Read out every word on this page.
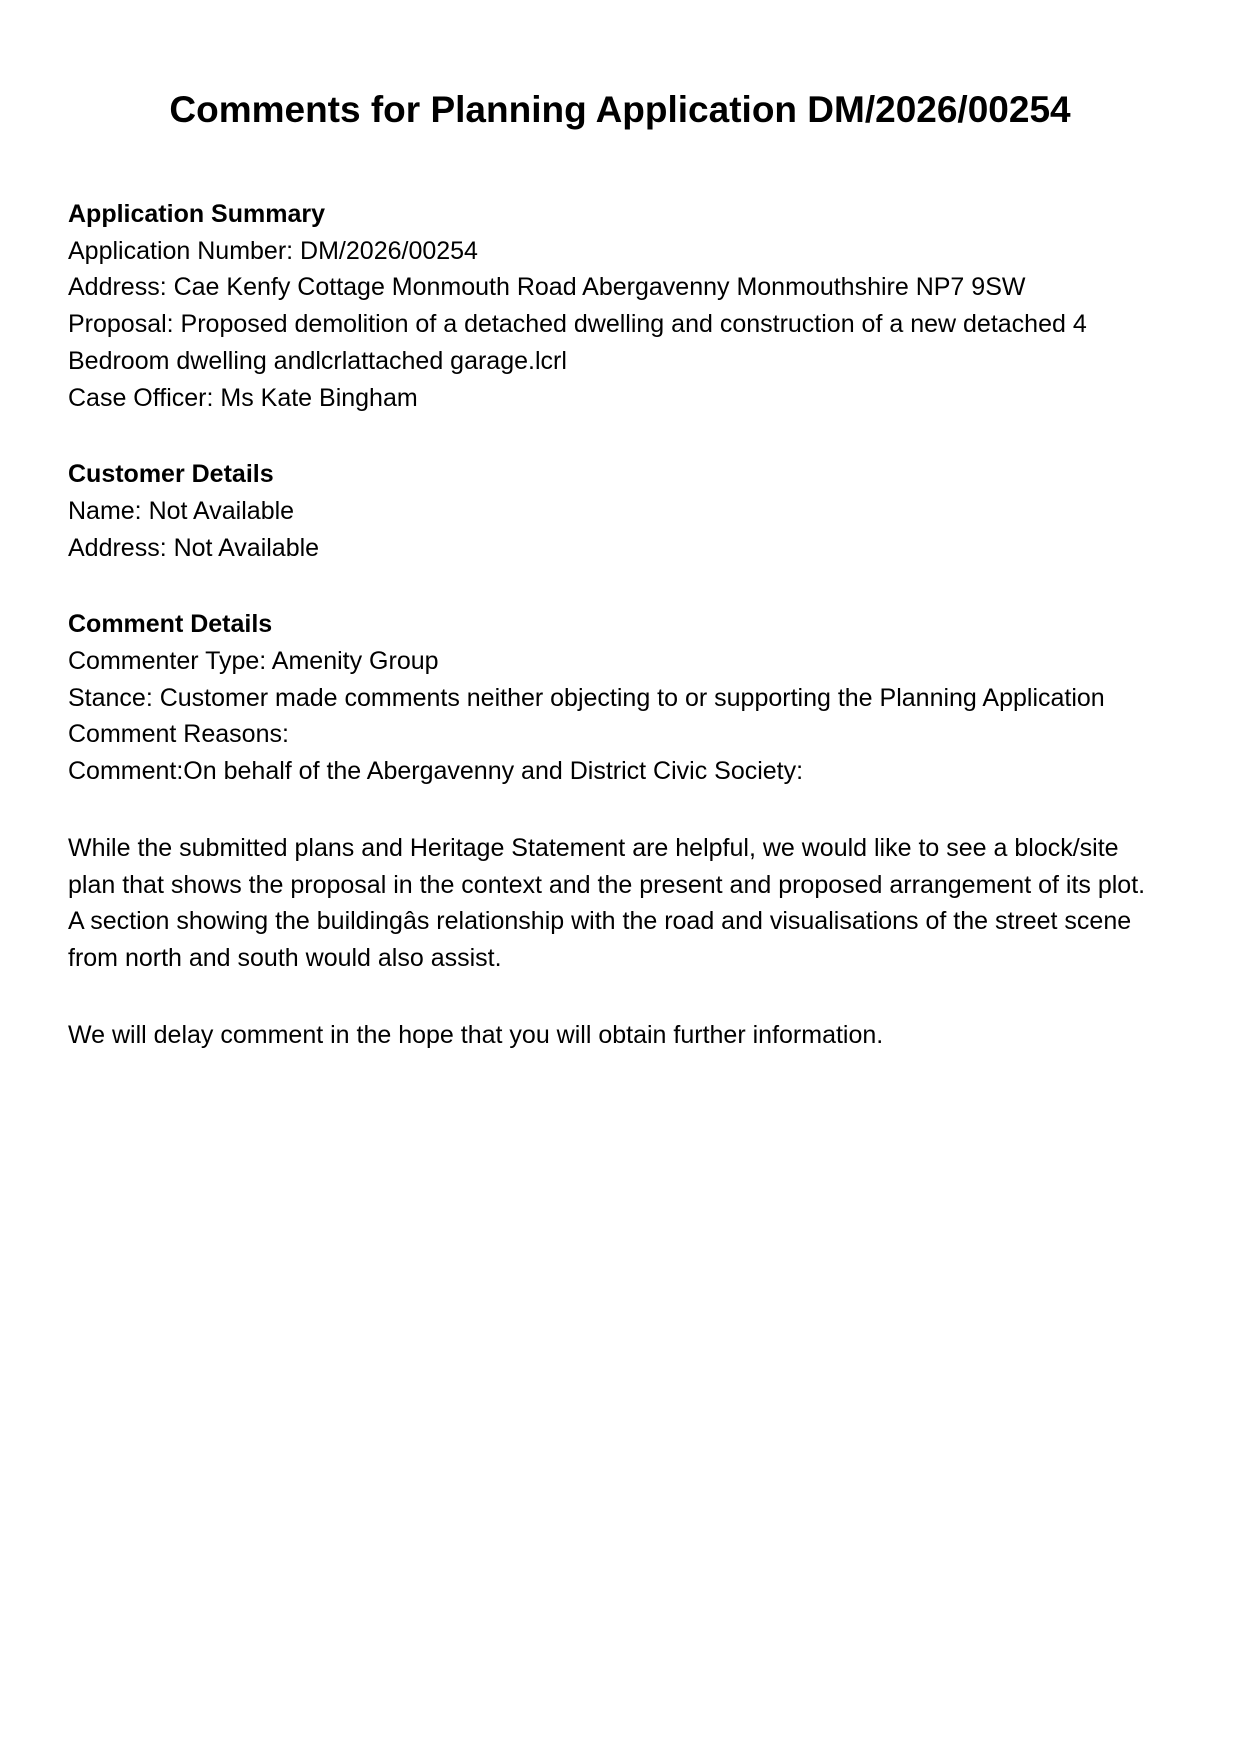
Comments for Planning Application DM/2026/00254
Application Summary

Application Number: DM/2026/00254

Address: Cae Kenfy Cottage Monmouth Road Abergavenny Monmouthshire NP7 9SW

Proposal: Proposed demolition of a detached dwelling and construction of a new detached 4 Bedroom dwelling andlcrlattached garage.lcrl

Case Officer: Ms Kate Bingham

Customer Details

Name: Not Available

Address: Not Available

Comment Details

Commenter Type: Amenity Group

Stance: Customer made comments neither objecting to or supporting the Planning Application

Comment Reasons:

Comment:On behalf of the Abergavenny and District Civic Society:

While the submitted plans and Heritage Statement are helpful, we would like to see a block/site plan that shows the proposal in the context and the present and proposed arrangement of its plot. A section showing the buildingâs relationship with the road and visualisations of the street scene from north and south would also assist.

We will delay comment in the hope that you will obtain further information.
